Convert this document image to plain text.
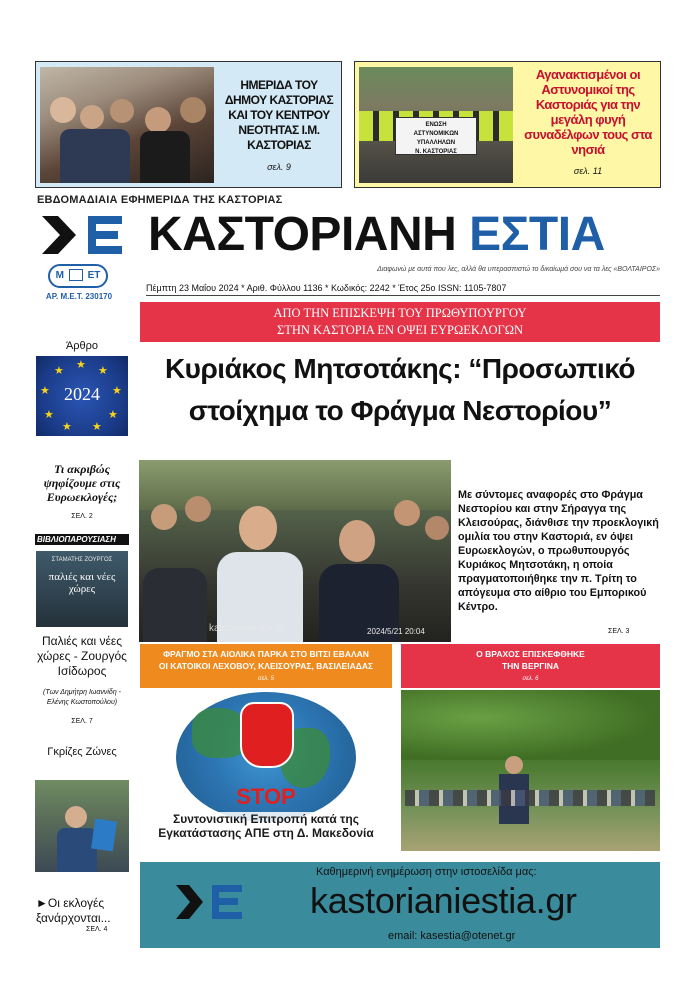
ΗΜΕΡΙΔΑ ΤΟΥ ΔΗΜΟΥ ΚΑΣΤΟΡΙΑΣ ΚΑΙ ΤΟΥ ΚΕΝΤΡΟΥ ΝΕΟΤΗΤΑΣ Ι.Μ. ΚΑΣΤΟΡΙΑΣ
σελ. 9
ΕΝΩΣΗ
ΑΣΤΥΝΟΜΙΚΩΝ ΥΠΑΛΛΗΛΩΝ
Ν. ΚΑΣΤΟΡΙΑΣ
Αγανακτισμένοι οι Αστυνομικοί της Καστοριάς για την μεγάλη φυγή συναδέλφων τους στα νησιά
σελ. 11
ΕΒΔΟΜΑΔΙΑΙΑ ΕΦΗΜΕΡΙΔΑ ΤΗΣ ΚΑΣΤΟΡΙΑΣ
ΚΑΣΤΟΡΙΑΝΗ ΕΣΤΙΑ
Μ ΕΤ
ΑΡ. Μ.Ε.Τ. 230170
Διαφωνώ με αυτά που λες, αλλά θα υπερασπιστώ το δικαίωμά σου να τα λες «ΒΟΛΤΑΙΡΟΣ»
Πέμπτη 23 Μαΐου 2024 * Αριθ. Φύλλου 1136 * Κωδικός: 2242 * Έτος 25ο ISSN: 1105-7807
Άρθρο
2024
★ ★
★
★
★
★
★
★
★
Τι ακριβώς ψηφίζουμε στις Ευρωεκλογές;
ΣΕΛ. 2
ΒΙΒΛΙΟΠΑΡΟΥΣΙΑΣΗ
ΣΤΑΜΑΤΗΣ ΖΟΥΡΓΟΣ
παλιές και νέες χώρες
Παλιές και νέες χώρες - Ζουργός Ισίδωρος
(Των Δημήτρη Ιωαννίδη - Ελένης Κωστοπούλου)
ΣΕΛ. 7
Γκρίζες Ζώνες
►Οι εκλογές ξανάρχονται...
ΣΕΛ. 4
ΑΠΟ ΤΗΝ ΕΠΙΣΚΕΨΗ ΤΟΥ ΠΡΩΘΥΠΟΥΡΓΟΥ
ΣΤΗΝ ΚΑΣΤΟΡΙΑ ΕΝ ΟΨΕΙ ΕΥΡΩΕΚΛΟΓΩΝ
Κυριάκος Μητσοτάκης: “Προσωπικό
στοίχημα το Φράγμα Νεστορίου”
kastorianiestia.gr	2024/5/21 20:04
Με σύντομες αναφορές στο Φράγμα Νεστορίου και στην Σήραγγα της Κλεισούρας, διάνθισε την προεκλογική ομιλία του στην Καστοριά, εν όψει Ευρωεκλογών, ο πρωθυπουργός Κυριάκος Μητσοτάκη, η οποία πραγματοποιήθηκε την π. Τρίτη το απόγευμα στο αίθριο του Εμπορικού Κέντρο.
ΣΕΛ. 3
ΦΡΑΓΜΟ ΣΤΑ ΑΙΟΛΙΚΑ ΠΑΡΚΑ ΣΤΟ ΒΙΤΣΙ ΕΒΑΛΑΝ
ΟΙ ΚΑΤΟΙΚΟΙ ΛΕΧΟΒΟΥ, ΚΛΕΙΣΟΥΡΑΣ, ΒΑΣΙΛΕΙΑΔΑΣ
σελ. 5
STOP
Συντονιστική Επιτροπή κατά της
Εγκατάστασης ΑΠΕ στη Δ. Μακεδονία
Ο ΒΡΑΧΟΣ ΕΠΙΣΚΕΦΘΗΚΕ
ΤΗΝ ΒΕΡΓΙΝΑ
σελ. 6
Καθημερινή ενημέρωση στην ιστοσελίδα μας:
kastorianiestia.gr
email: kasestia@otenet.gr
